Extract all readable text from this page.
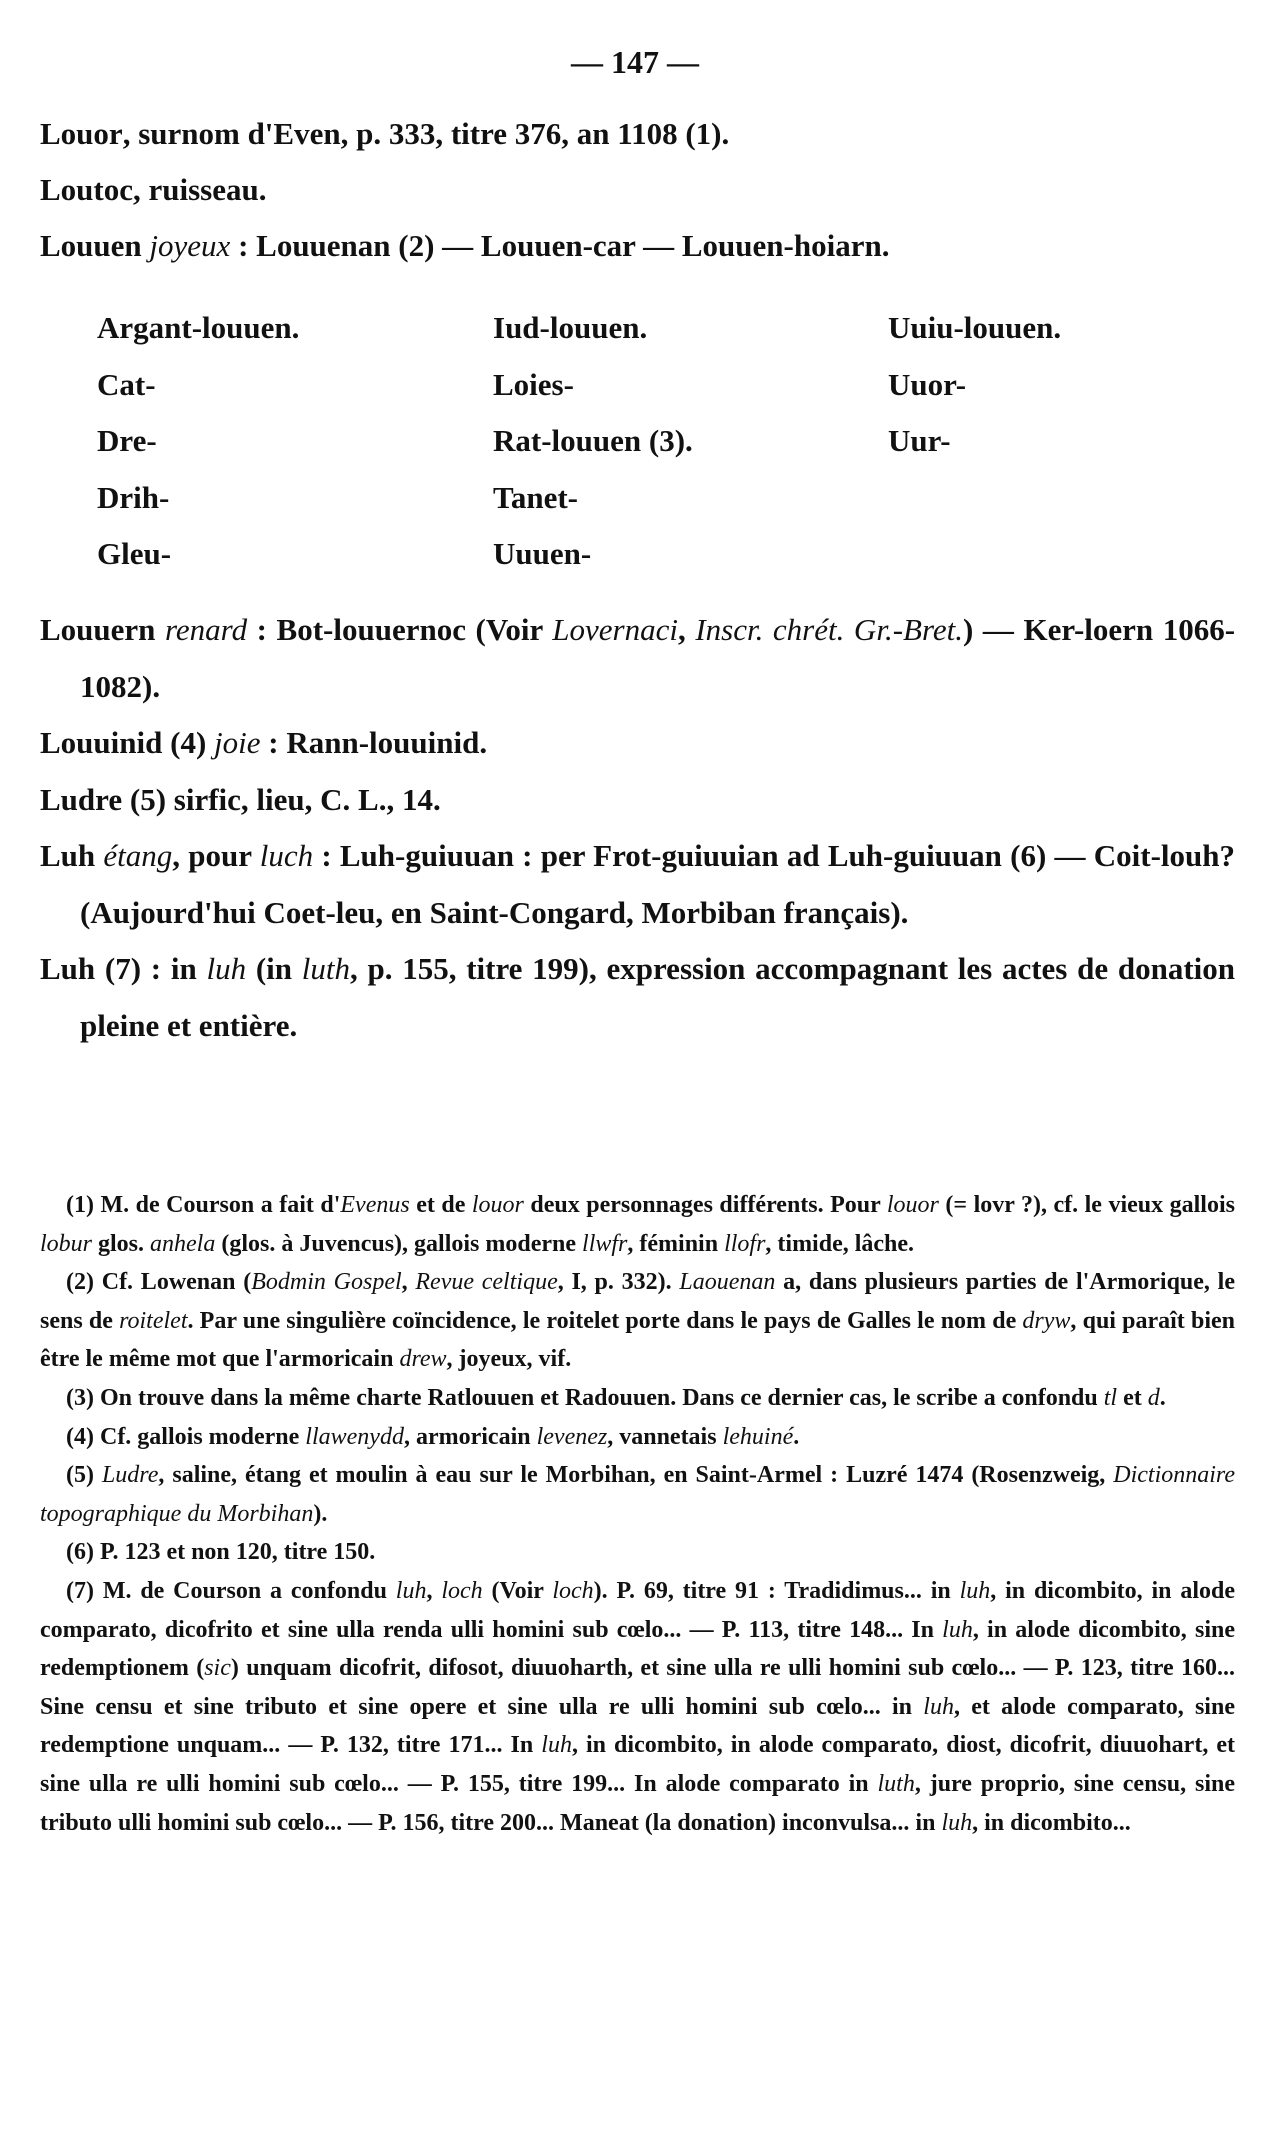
— 147 —

Louor, surnom d'Even, p. 333, titre 376, an 1108 (1).

Loutoc, ruisseau.

Louuen joyeux : Louuenan (2) — Louuen-car — Louuen-hoiarn.

Argant-louuen.
Cat-
Dre-
Drih-
Gleu-
Iud-louuen.
Loies-
Rat-louuen (3).
Tanet-
Uuuen-
Uuiu-louuen.
Uuor-
Uur-

Louuern renard : Bot-louuernoc (Voir Lovernaci, Inscr. chrét. Gr.-Bret.) — Ker-loern 1066-1082).

Louuinid (4) joie : Rann-louuinid.

Ludre (5) sirfic, lieu, C. L., 14.

Luh étang, pour luch : Luh-guiuuan : per Frot-guiuuian ad Luh-guiuuan (6) — Coit-louh? (Aujourd'hui Coet-leu, en Saint-Congard, Morbiban français).

Luh (7) : in luh (in luth, p. 155, titre 199), expression accompagnant les actes de donation pleine et entière.

(1) M. de Courson a fait d'Evenus et de louor deux personnages différents. Pour louor (= lovr ?), cf. le vieux gallois lobur glos. anhela (glos. à Juvencus), gallois moderne llwfr, féminin llofr, timide, lâche.

(2) Cf. Lowenan (Bodmin Gospel, Revue celtique, I, p. 332). Laouenan a, dans plusieurs parties de l'Armorique, le sens de roitelet. Par une singulière coïncidence, le roitelet porte dans le pays de Galles le nom de dryw, qui paraît bien être le même mot que l'armoricain drew, joyeux, vif.

(3) On trouve dans la même charte Ratlouuen et Radouuen. Dans ce dernier cas, le scribe a confondu tl et d.

(4) Cf. gallois moderne llawenydd, armoricain levenez, vannetais lehuiné.

(5) Ludre, saline, étang et moulin à eau sur le Morbihan, en Saint-Armel : Luzré 1474 (Rosenzweig, Dictionnaire topographique du Morbihan).

(6) P. 123 et non 120, titre 150.

(7) M. de Courson a confondu luh, loch (Voir loch). P. 69, titre 91 : Tradidimus... in luh, in dicombito, in alode comparato, dicofrito et sine ulla renda ulli homini sub cœlo... — P. 113, titre 148... In luh, in alode dicombito, sine redemptionem (sic) unquam dicofrit, difosot, diuuoharth, et sine ulla re ulli homini sub cœlo... — P. 123, titre 160... Sine censu et sine tributo et sine opere et sine ulla re ulli homini sub cœlo... in luh, et alode comparato, sine redemptione unquam... — P. 132, titre 171... In luh, in dicombito, in alode comparato, diost, dicofrit, diuuohart, et sine ulla re ulli homini sub cœlo... — P. 155, titre 199... In alode comparato in luth, jure proprio, sine censu, sine tributo ulli homini sub cœlo... — P. 156, titre 200... Maneat (la donation) inconvulsa... in luh, in dicombito...
